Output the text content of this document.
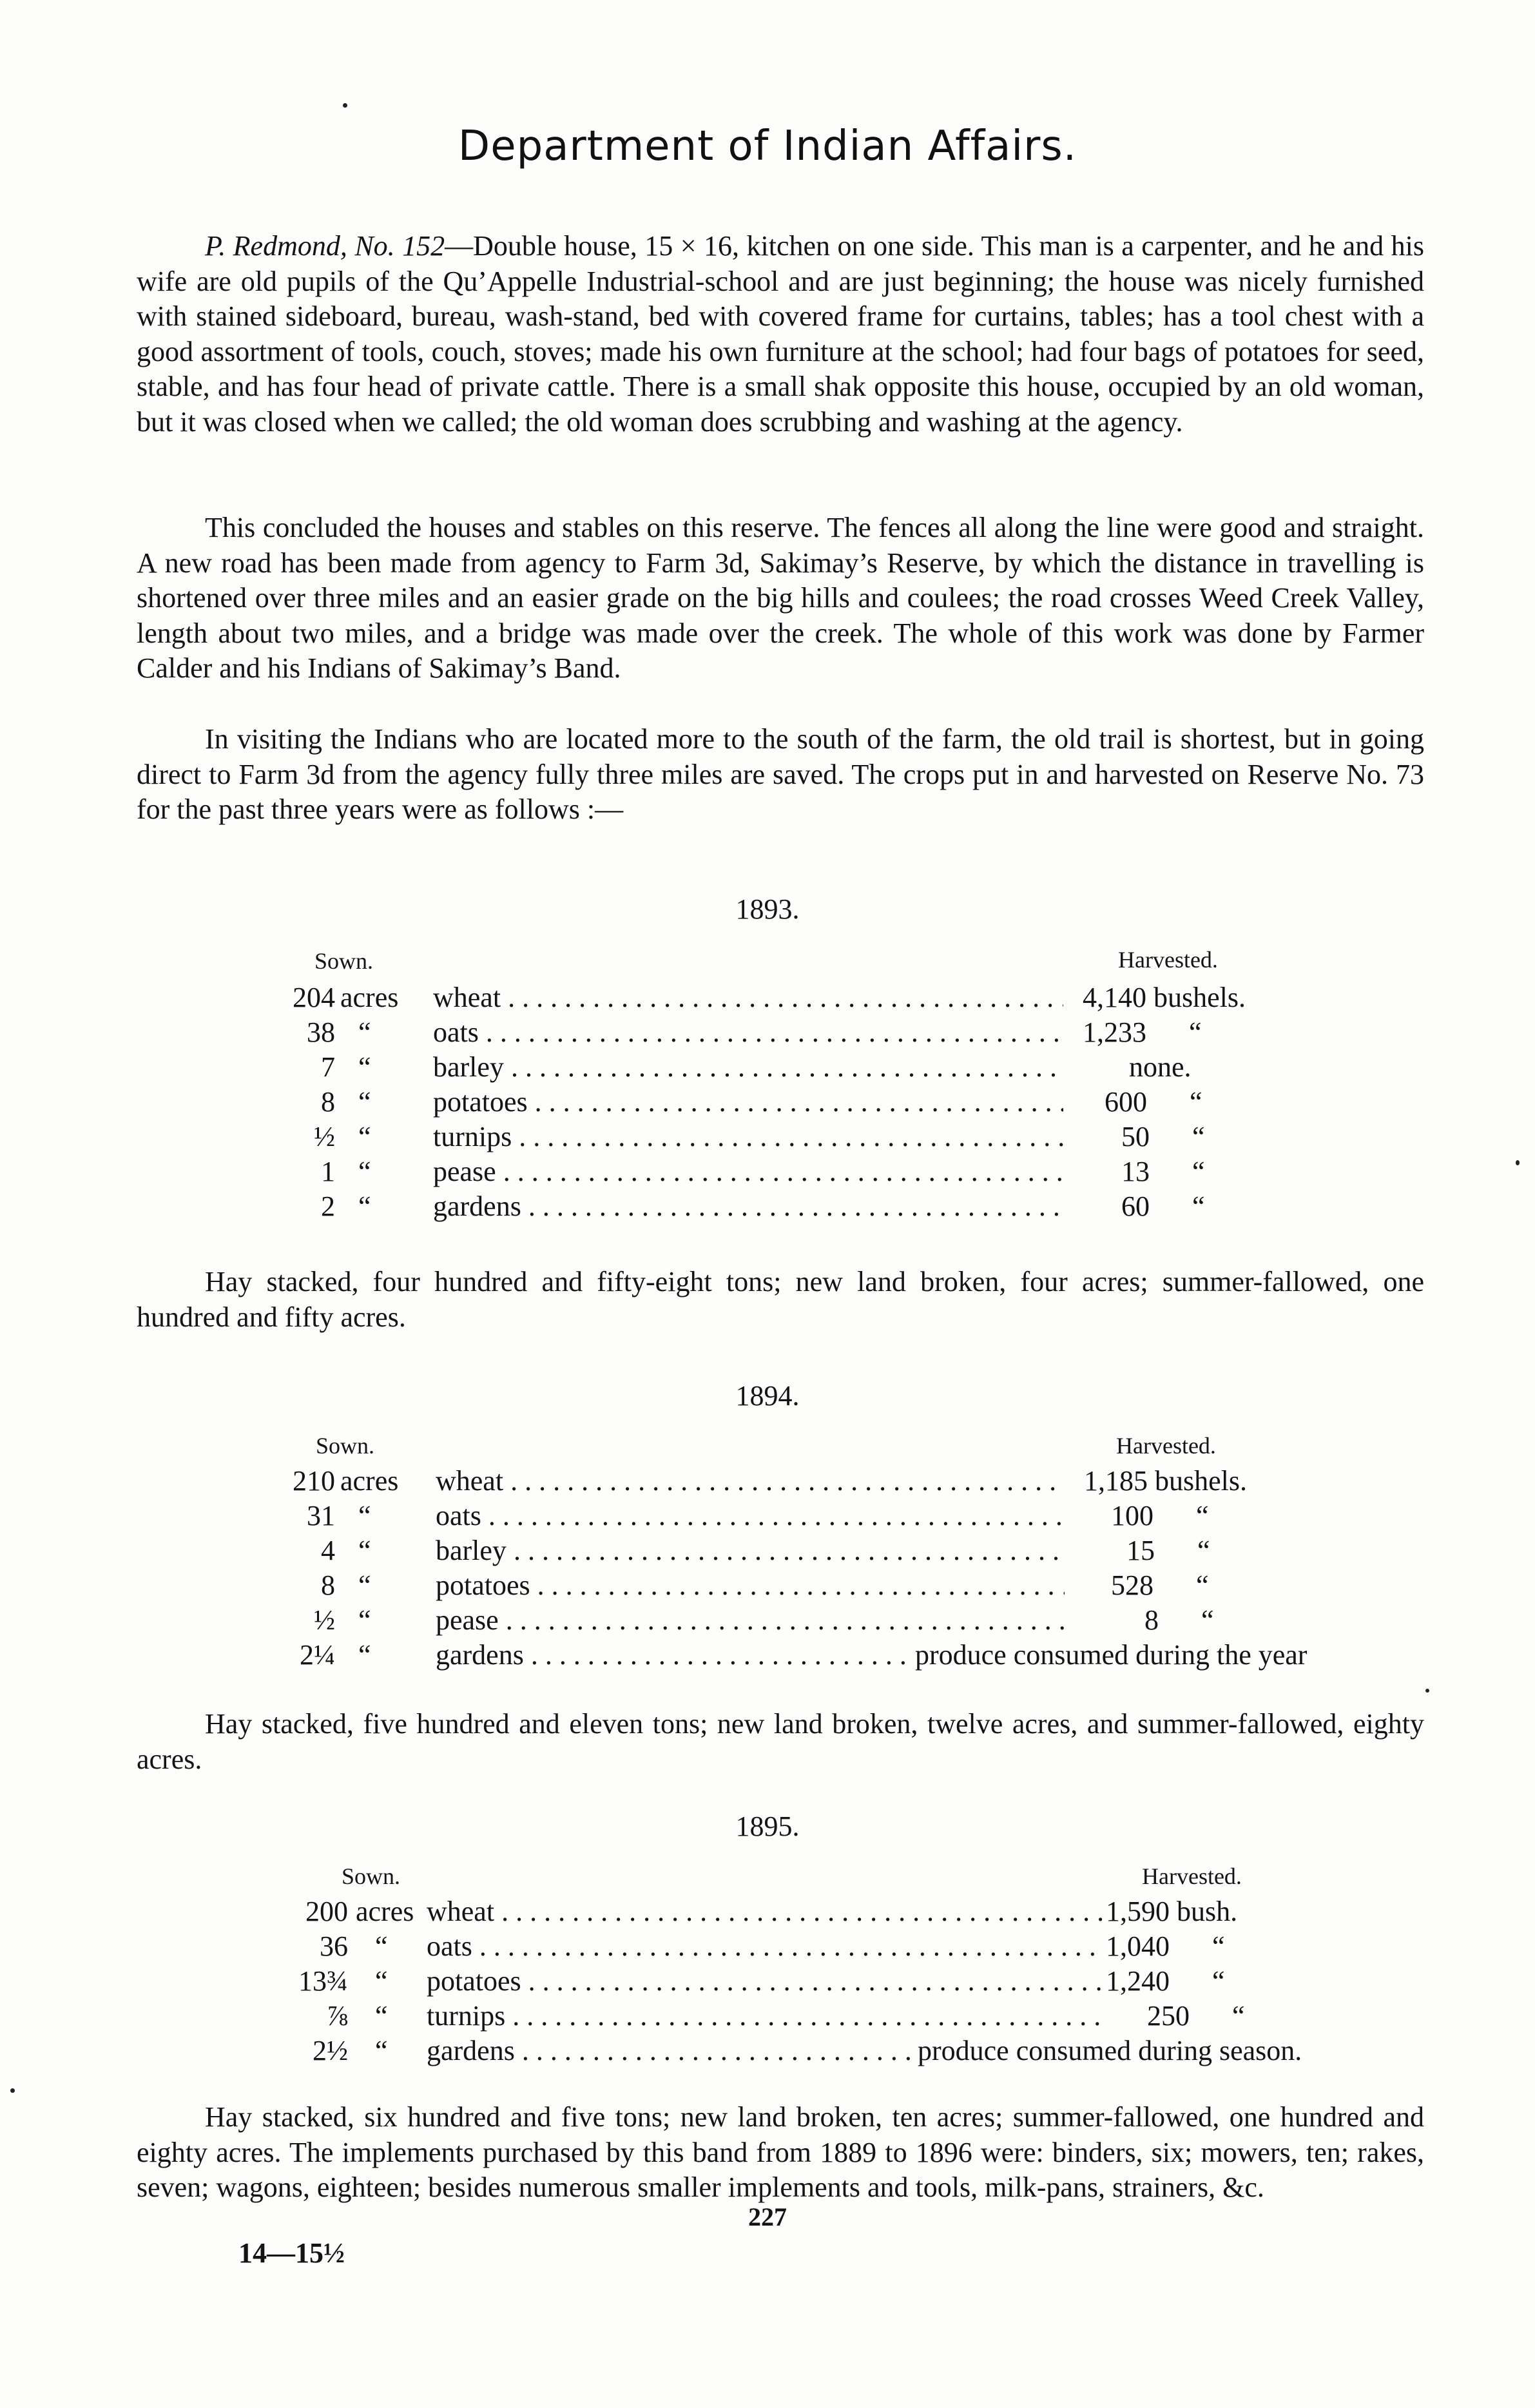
Department of Indian Affairs.

P. Redmond, No. 152—Double house, 15 × 16, kitchen on one side. This man is a carpenter, and he and his wife are old pupils of the Qu’Appelle Industrial-school and are just beginning; the house was nicely furnished with stained sideboard, bureau, wash-stand, bed with covered frame for curtains, tables; has a tool chest with a good assortment of tools, couch, stoves; made his own furniture at the school; had four bags of potatoes for seed, stable, and has four head of private cattle. There is a small shak opposite this house, occupied by an old woman, but it was closed when we called; the old woman does scrubbing and washing at the agency.

This concluded the houses and stables on this reserve. The fences all along the line were good and straight. A new road has been made from agency to Farm 3d, Sakimay’s Reserve, by which the distance in travelling is shortened over three miles and an easier grade on the big hills and coulees; the road crosses Weed Creek Valley, length about two miles, and a bridge was made over the creek. The whole of this work was done by Farmer Calder and his Indians of Sakimay’s Band.

In visiting the Indians who are located more to the south of the farm, the old trail is shortest, but in going direct to Farm 3d from the agency fully three miles are saved. The crops put in and harvested on Reserve No. 73 for the past three years were as follows :—

1893.
Sown.	Harvested.
204 acres wheat . . .	4,140 bushels.
38 “ oats . . .	1,233      “
7 “ barley . . .	none.
8 “ potatoes . . .	600      “
½ “ turnips . . .	50      “
1 “ pease . . .	13      “
2 “ gardens . . .	60      “

Hay stacked, four hundred and fifty-eight tons; new land broken, four acres; summer-fallowed, one hundred and fifty acres.

1894.
Sown.	Harvested.
210 acres wheat . . .	1,185 bushels.
31 “ oats . . .	100      “
4 “ barley . . .	15      “
8 “ potatoes . . .	528      “
½ “ pease . . .	8      “
2¼ “ gardens . . .	produce consumed during the year

Hay stacked, five hundred and eleven tons; new land broken, twelve acres, and summer-fallowed, eighty acres.

1895.
Sown.	Harvested.
200 acres wheat . . .	1,590 bush.
36 “ oats . . .	1,040      “
13¾ “ potatoes . . .	1,240      “
⅞ “ turnips . . .	250      “
2½ “ gardens . . .	produce consumed during season.

Hay stacked, six hundred and five tons; new land broken, ten acres; summer-fallowed, one hundred and eighty acres. The implements purchased by this band from 1889 to 1896 were: binders, six; mowers, ten; rakes, seven; wagons, eighteen; besides numerous smaller implements and tools, milk-pans, strainers, &c.

227
14—15½
